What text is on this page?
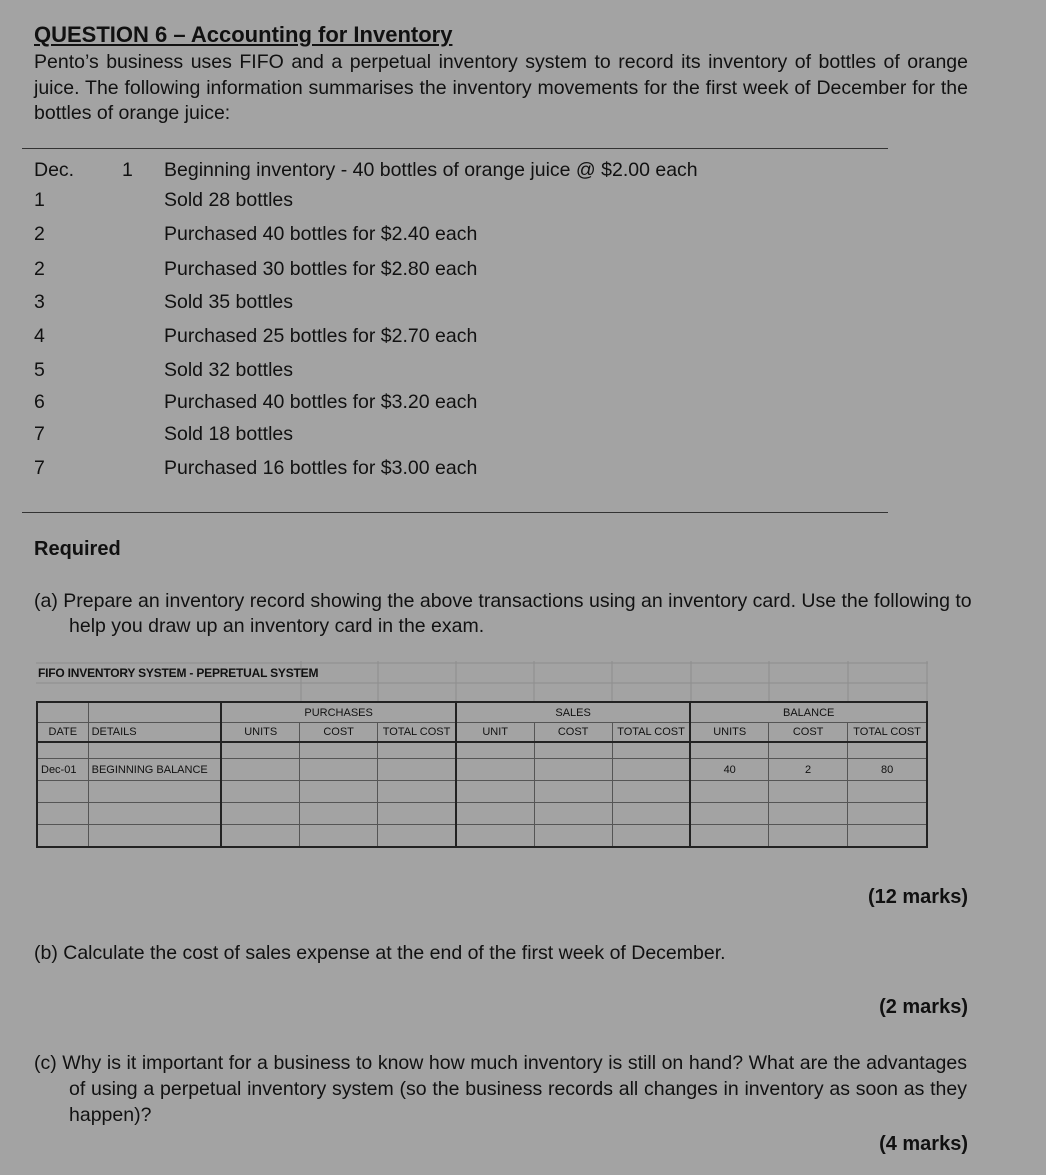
QUESTION 6 – Accounting for Inventory
Pento’s business uses FIFO and a perpetual inventory system to record its inventory of bottles of orange juice. The following information summarises the inventory movements for the first week of December for the bottles of orange juice:
Dec. 1 Beginning inventory - 40 bottles of orange juice @ $2.00 each
1	Sold 28 bottles
2	Purchased 40 bottles for $2.40 each
2	Purchased 30 bottles for $2.80 each
3	Sold 35 bottles
4	Purchased 25 bottles for $2.70 each
5	Sold 32 bottles
6	Purchased 40 bottles for $3.20 each
7	Sold 18 bottles
7	Purchased 16 bottles for $3.00 each
Required
(a) Prepare an inventory record showing the above transactions using an inventory card. Use the following to help you draw up an inventory card in the exam.
FIFO INVENTORY SYSTEM - PEPRETUAL SYSTEM
		PURCHASES			SALES			BALANCE		
DATE	DETAILS	UNITS	COST	TOTAL COST	UNIT	COST	TOTAL COST	UNITS	COST	TOTAL COST

Dec-01	BEGINNING BALANCE							40	2	80

(12 marks)
(b) Calculate the cost of sales expense at the end of the first week of December.
(2 marks)
(c) Why is it important for a business to know how much inventory is still on hand? What are the advantages of using a perpetual inventory system (so the business records all changes in inventory as soon as they happen)?
(4 marks)
